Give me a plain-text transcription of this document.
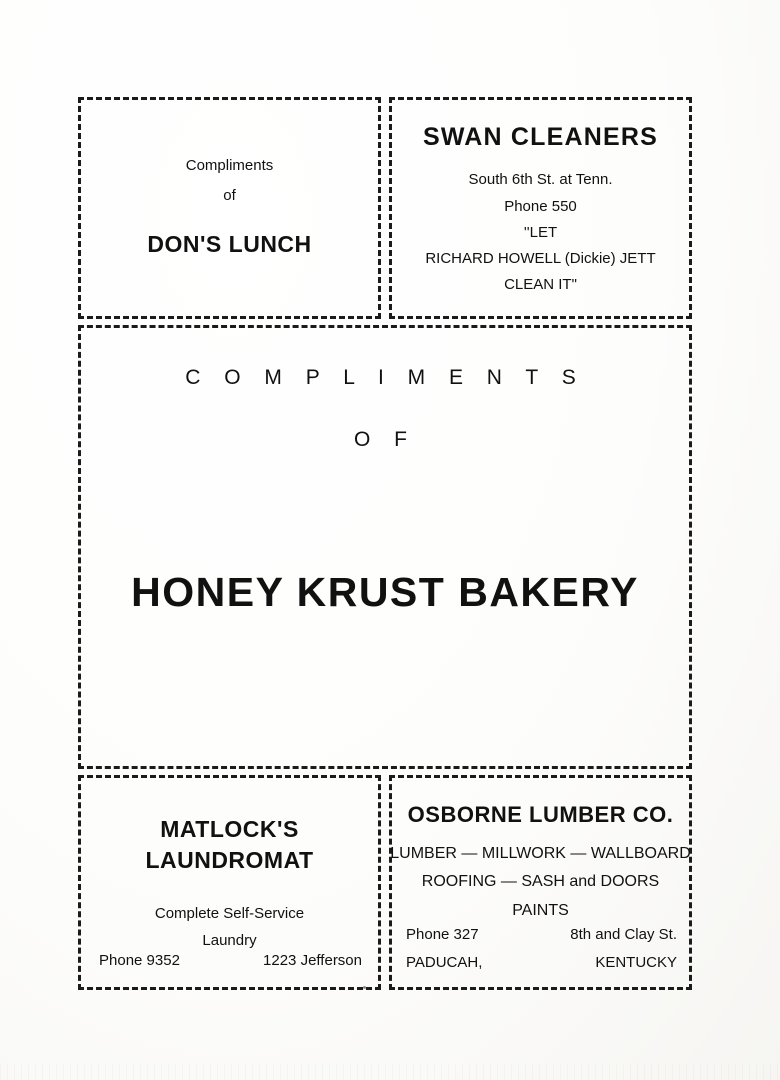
Compliments
of
DON'S LUNCH
SWAN CLEANERS
South 6th St. at Tenn.
Phone 550
''LET
RICHARD HOWELL (Dickie) JETT
CLEAN IT"
C O M P L I M E N T S
O F
HONEY KRUST BAKERY
MATLOCK'S
LAUNDROMAT
Complete Self-Service
Laundry
Phone 9352	1223 Jefferson
OSBORNE LUMBER CO.
LUMBER — MILLWORK — WALLBOARD
ROOFING — SASH and DOORS
PAINTS
Phone 327	8th and Clay St.
PADUCAH,	KENTUCKY
